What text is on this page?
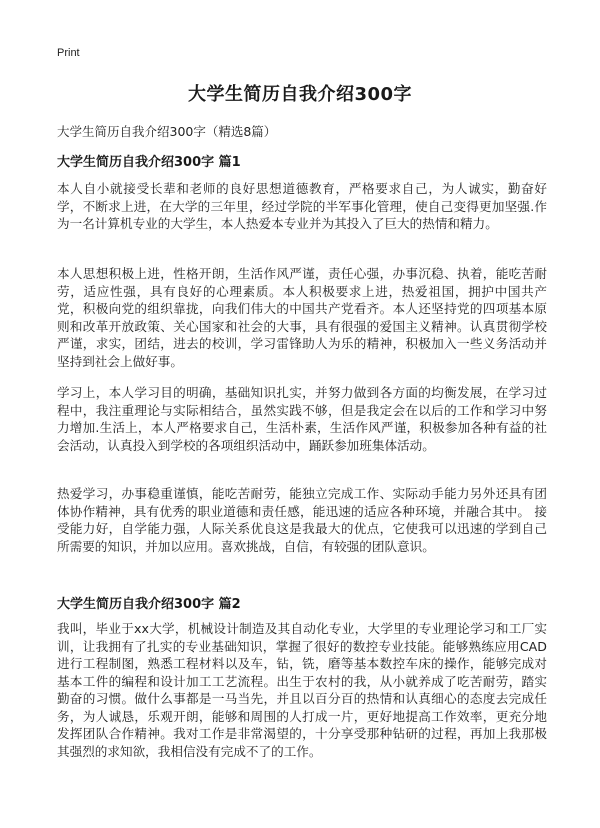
Print
大学生简历自我介绍300字
大学生简历自我介绍300字（精选8篇）
大学生简历自我介绍300字 篇1

本人自小就接受长辈和老师的良好思想道德教育，严格要求自己，为人诚实，勤奋好学，不断求上进，在大学的三年里，经过学院的半军事化管理，使自己变得更加坚强.作为一名计算机专业的大学生，本人热爱本专业并为其投入了巨大的热情和精力。

本人思想积极上进，性格开朗，生活作风严谨，责任心强，办事沉稳、执着，能吃苦耐劳，适应性强，具有良好的心理素质。本人积极要求上进，热爱祖国，拥护中国共产党，积极向党的组织靠拢，向我们伟大的中国共产党看齐。本人还坚持党的四项基本原则和改革开放政策、关心国家和社会的大事，具有很强的爱国主义精神。认真贯彻学校严谨，求实，团结，进去的校训，学习雷锋助人为乐的精神，积极加入一些义务活动并坚持到社会上做好事。

学习上，本人学习目的明确，基础知识扎实，并努力做到各方面的均衡发展，在学习过程中，我注重理论与实际相结合，虽然实践不够，但是我定会在以后的工作和学习中努力增加.生活上，本人严格要求自己，生活朴素，生活作风严谨，积极参加各种有益的社会活动，认真投入到学校的各项组织活动中，踊跃参加班集体活动。

热爱学习，办事稳重谨慎，能吃苦耐劳，能独立完成工作、实际动手能力另外还具有团体协作精神，具有优秀的职业道德和责任感，能迅速的适应各种环境，并融合其中。 接受能力好，自学能力强，人际关系优良这是我最大的优点，它使我可以迅速的学到自己所需要的知识，并加以应用。喜欢挑战，自信，有较强的团队意识。

大学生简历自我介绍300字 篇2

我叫，毕业于xx大学，机械设计制造及其自动化专业，大学里的专业理论学习和工厂实训，让我拥有了扎实的专业基础知识，掌握了很好的数控专业技能。能够熟练应用CAD进行工程制图，熟悉工程材料以及车，钻，铣，磨等基本数控车床的操作，能够完成对基本工件的编程和设计加工工艺流程。出生于农村的我，从小就养成了吃苦耐劳，踏实勤奋的习惯。做什么事都是一马当先，并且以百分百的热情和认真细心的态度去完成任务，为人诚恳，乐观开朗，能够和周围的人打成一片，更好地提高工作效率，更充分地发挥团队合作精神。我对工作是非常渴望的，十分享受那种钻研的过程，再加上我那极其强烈的求知欲，我相信没有完成不了的工作。
